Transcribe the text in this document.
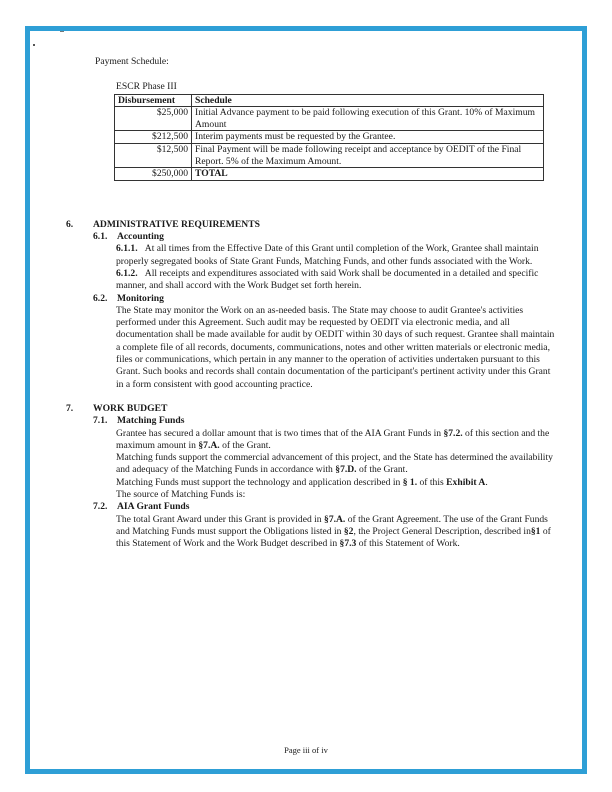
Payment Schedule:
ESCR Phase III
Disbursement	Schedule
$25,000	Initial Advance payment to be paid following execution of this Grant. 10% of Maximum Amount
$212,500	Interim payments must be requested by the Grantee.
$12,500	Final Payment will be made following receipt and acceptance by OEDIT of the Final Report. 5% of the Maximum Amount.
$250,000	TOTAL
6. ADMINISTRATIVE REQUIREMENTS
6.1. Accounting
6.1.1. At all times from the Effective Date of this Grant until completion of the Work, Grantee shall maintain properly segregated books of State Grant Funds, Matching Funds, and other funds associated with the Work.
6.1.2. All receipts and expenditures associated with said Work shall be documented in a detailed and specific manner, and shall accord with the Work Budget set forth herein.
6.2. Monitoring
The State may monitor the Work on an as-needed basis. The State may choose to audit Grantee's activities performed under this Agreement. Such audit may be requested by OEDIT via electronic media, and all documentation shall be made available for audit by OEDIT within 30 days of such request. Grantee shall maintain a complete file of all records, documents, communications, notes and other written materials or electronic media, files or communications, which pertain in any manner to the operation of activities undertaken pursuant to this Grant. Such books and records shall contain documentation of the participant's pertinent activity under this Grant in a form consistent with good accounting practice.
7. WORK BUDGET
7.1. Matching Funds
Grantee has secured a dollar amount that is two times that of the AIA Grant Funds in §7.2. of this section and the maximum amount in §7.A. of the Grant.
Matching funds support the commercial advancement of this project, and the State has determined the availability and adequacy of the Matching Funds in accordance with §7.D. of the Grant.
Matching Funds must support the technology and application described in § 1. of this Exhibit A.
The source of Matching Funds is:
7.2. AIA Grant Funds
The total Grant Award under this Grant is provided in §7.A. of the Grant Agreement. The use of the Grant Funds and Matching Funds must support the Obligations listed in §2, the Project General Description, described in§1 of this Statement of Work and the Work Budget described in §7.3 of this Statement of Work.
Page iii of iv
